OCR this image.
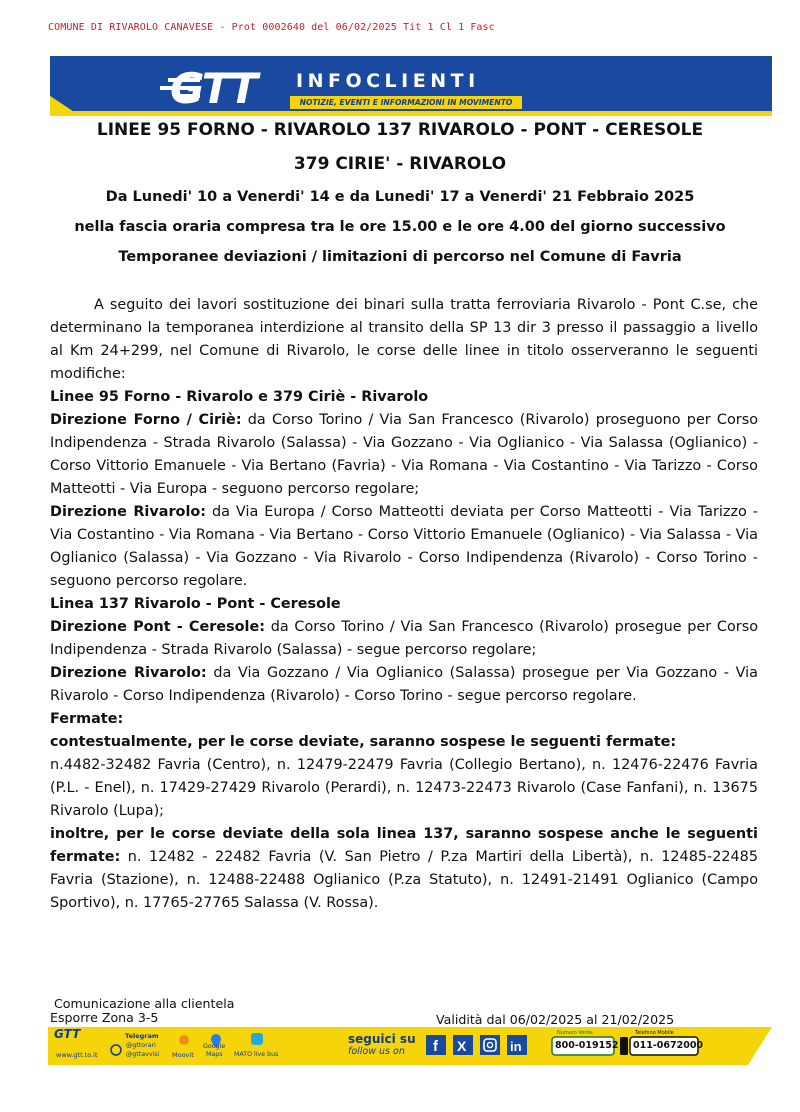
COMUNE DI RIVAROLO CANAVESE - Prot 0002640 del 06/02/2025 Tit 1 Cl 1 Fasc
GTT INFOCLIENTI
NOTIZIE, EVENTI E INFORMAZIONI IN MOVIMENTO
LINEE 95 FORNO - RIVAROLO 137 RIVAROLO - PONT - CERESOLE
379 CIRIE' - RIVAROLO
Da Lunedi' 10 a Venerdi' 14 e da Lunedi' 17 a Venerdi' 21 Febbraio 2025
nella fascia oraria compresa tra le ore 15.00 e le ore 4.00 del giorno successivo
Temporanee deviazioni / limitazioni di percorso nel Comune di Favria

A seguito dei lavori sostituzione dei binari sulla tratta ferroviaria Rivarolo - Pont C.se, che determinano la temporanea interdizione al transito della SP 13 dir 3 presso il passaggio a livello al Km 24+299, nel Comune di Rivarolo, le corse delle linee in titolo osserveranno le seguenti modifiche:

Linee 95 Forno - Rivarolo e 379 Ciriè - Rivarolo

Direzione Forno / Ciriè: da Corso Torino / Via San Francesco (Rivarolo) proseguono per Corso Indipendenza - Strada Rivarolo (Salassa) - Via Gozzano - Via Oglianico - Via Salassa (Oglianico) - Corso Vittorio Emanuele - Via Bertano (Favria) - Via Romana - Via Costantino - Via Tarizzo - Corso Matteotti - Via Europa - seguono percorso regolare;

Direzione Rivarolo: da Via Europa / Corso Matteotti deviata per Corso Matteotti - Via Tarizzo - Via Costantino - Via Romana - Via Bertano - Corso Vittorio Emanuele (Oglianico) - Via Salassa - Via Oglianico (Salassa) - Via Gozzano - Via Rivarolo - Corso Indipendenza (Rivarolo) - Corso Torino - seguono percorso regolare.

Linea 137 Rivarolo - Pont - Ceresole

Direzione Pont - Ceresole: da Corso Torino / Via San Francesco (Rivarolo) prosegue per Corso Indipendenza - Strada Rivarolo (Salassa) - segue percorso regolare;

Direzione Rivarolo: da Via Gozzano / Via Oglianico (Salassa) prosegue per Via Gozzano - Via Rivarolo - Corso Indipendenza (Rivarolo) - Corso Torino - segue percorso regolare.

Fermate:

contestualmente, per le corse deviate, saranno sospese le seguenti fermate:

n.4482-32482 Favria (Centro), n. 12479-22479 Favria (Collegio Bertano), n. 12476-22476 Favria (P.L. - Enel), n. 17429-27429 Rivarolo (Perardi), n. 12473-22473 Rivarolo (Case Fanfani), n. 13675 Rivarolo (Lupa);

inoltre, per le corse deviate della sola linea 137, saranno sospese anche le seguenti fermate: n. 12482 - 22482 Favria (V. San Pietro / P.za Martiri della Libertà), n. 12485-22485 Favria (Stazione), n. 12488-22488 Oglianico (P.za Statuto), n. 12491-21491 Oglianico (Campo Sportivo), n. 17765-27765 Salassa (V. Rossa).

Comunicazione alla clientela
Esporre Zona 3-5	Validità dal 06/02/2025 al 21/02/2025
f X	in
GTT
www.gtt.to.it
Telegram
@gttorari
@gttavvisi Moovit
Google
Maps MATO live bus
seguici su
follow us on
Numero Verde
800-019152
Telefono Mobile
011-0672000
